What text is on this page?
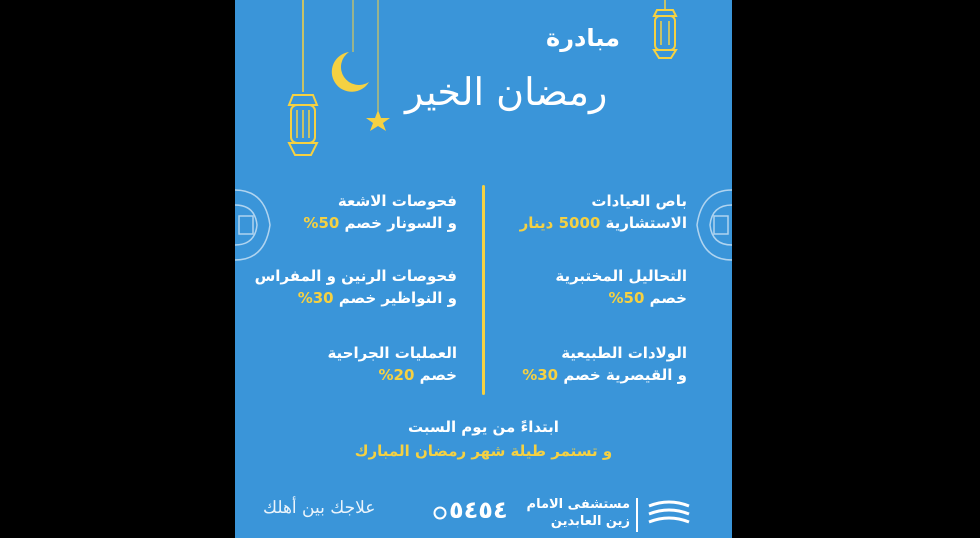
مبادرة
رمضان الخير
باص العيادات
الاستشارية 5000 دينار
التحاليل المختبرية
خصم 50%
الولادات الطبيعية
و القيصرية خصم 30%
فحوصات الاشعة
و السونار خصم 50%
فحوصات الرنين و المفراس
و النواظير خصم 30%
العمليات الجراحية
خصم 20%
ابتداءً من يوم السبت
و تستمر طيلة شهر رمضان المبارك
علاجك بين أهلك	٥٤٥٤ مستشفى الامام
زين العابدين
